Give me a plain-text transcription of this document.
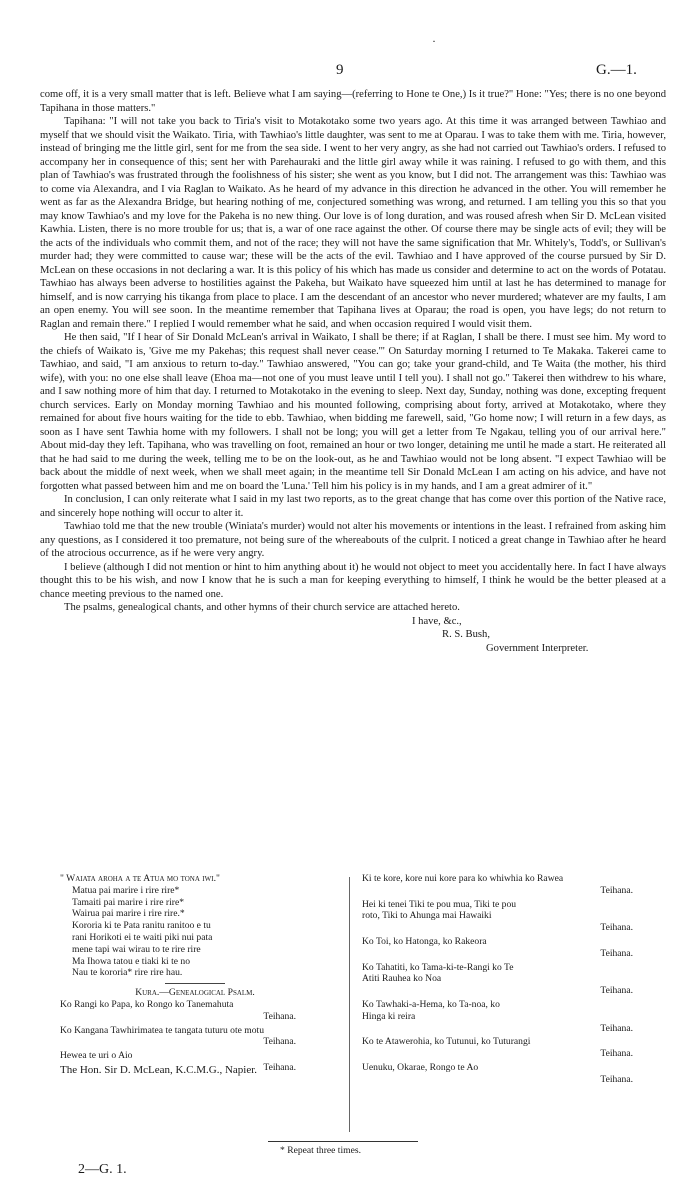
·
9	G.—1.

come off, it is a very small matter that is left. Believe what I am saying—(referring to Hone te One,) Is it true?" Hone: "Yes; there is no one beyond Tapihana in those matters."

Tapihana: "I will not take you back to Tiria's visit to Motakotako some two years ago. At this time it was arranged between Tawhiao and myself that we should visit the Waikato. Tiria, with Tawhiao's little daughter, was sent to me at Oparau. I was to take them with me. Tiria, however, instead of bringing me the little girl, sent for me from the sea side. I went to her very angry, as she had not carried out Tawhiao's orders. I refused to accompany her in consequence of this; sent her with Parehauraki and the little girl away while it was raining. I refused to go with them, and this plan of Tawhiao's was frustrated through the foolishness of his sister; she went as you know, but I did not. The arrangement was this: Tawhiao was to come via Alexandra, and I via Raglan to Waikato. As he heard of my advance in this direction he advanced in the other. You will remember he went as far as the Alexandra Bridge, but hearing nothing of me, conjectured something was wrong, and returned. I am telling you this so that you may know Tawhiao's and my love for the Pakeha is no new thing. Our love is of long duration, and was roused afresh when Sir D. McLean visited Kawhia. Listen, there is no more trouble for us; that is, a war of one race against the other. Of course there may be single acts of evil; they will be the acts of the individuals who commit them, and not of the race; they will not have the same signification that Mr. Whitely's, Todd's, or Sullivan's murder had; they were committed to cause war; these will be the acts of the evil. Tawhiao and I have approved of the course pursued by Sir D. McLean on these occasions in not declaring a war. It is this policy of his which has made us consider and determine to act on the words of Potatau. Tawhiao has always been adverse to hostilities against the Pakeha, but Waikato have squeezed him until at last he has determined to manage for himself, and is now carrying his tikanga from place to place. I am the descendant of an ancestor who never murdered; whatever are my faults, I am an open enemy. You will see soon. In the meantime remember that Tapihana lives at Oparau; the road is open, you have legs; do not return to Raglan and remain there." I replied I would remember what he said, and when occasion required I would visit them.

He then said, "If I hear of Sir Donald McLean's arrival in Waikato, I shall be there; if at Raglan, I shall be there. I must see him. My word to the chiefs of Waikato is, 'Give me my Pakehas; this request shall never cease.'" On Saturday morning I returned to Te Makaka. Takerei came to Tawhiao, and said, "I am anxious to return to-day." Tawhiao answered, "You can go; take your grand-child, and Te Waita (the mother, his third wife), with you: no one else shall leave (Ehoa ma—not one of you must leave until I tell you). I shall not go." Takerei then withdrew to his whare, and I saw nothing more of him that day. I returned to Motakotako in the evening to sleep. Next day, Sunday, nothing was done, excepting frequent church services. Early on Monday morning Tawhiao and his mounted following, comprising about forty, arrived at Motakotako, where they remained for about five hours waiting for the tide to ebb. Tawhiao, when bidding me farewell, said, "Go home now; I will return in a few days, as soon as I have sent Tawhia home with my followers. I shall not be long; you will get a letter from Te Ngakau, telling you of our arrival here." About mid-day they left. Tapihana, who was travelling on foot, remained an hour or two longer, detaining me until he made a start. He reiterated all that he had said to me during the week, telling me to be on the look-out, as he and Tawhiao would not be long absent. "I expect Tawhiao will be back about the middle of next week, when we shall meet again; in the meantime tell Sir Donald McLean I am acting on his advice, and have not forgotten what passed between him and me on board the 'Luna.' Tell him his policy is in my hands, and I am a great admirer of it."

In conclusion, I can only reiterate what I said in my last two reports, as to the great change that has come over this portion of the Native race, and sincerely hope nothing will occur to alter it.

Tawhiao told me that the new trouble (Winiata's murder) would not alter his movements or intentions in the least. I refrained from asking him any questions, as I considered it too premature, not being sure of the whereabouts of the culprit. I noticed a great change in Tawhiao after he heard of the atrocious occurrence, as if he were very angry.

I believe (although I did not mention or hint to him anything about it) he would not object to meet you accidentally here. In fact I have always thought this to be his wish, and now I know that he is such a man for keeping everything to himself, I think he would be the better pleased at a chance meeting previous to the named one.

The psalms, genealogical chants, and other hymns of their church service are attached hereto.

I have, &c.,
R. S. Bush,
Government Interpreter.
The Hon. Sir D. McLean, K.C.M.G., Napier.
" Waiata aroha a te Atua mo tona iwi."
Matua pai marire i rire rire*
Tamaiti pai marire i rire rire*
Wairua pai marire i rire rire.*
Kororia ki te Pata ranitu ranitoo e tu
rani Horikoti ei te waiti piki nui pata
mene tapi wai wirau to te rire rire
Ma Ihowa tatou e tiaki ki te no
Nau te kororia* rire rire hau.
Kura.—Genealogical Psalm.
Ko Rangi ko Papa, ko Rongo ko Tanemahuta
Teihana.
Ko Kangana Tawhirimatea te tangata tuturu ote motu
Teihana.
Hewea te uri o Aio
Teihana.
Ki te kore, kore nui kore para ko whiwhia ko Rawea
Teihana.
Hei ki tenei Tiki te pou mua, Tiki te pou
roto, Tiki to Ahunga mai Hawaiki
Teihana.
Ko Toi, ko Hatonga, ko Rakeora
Teihana.
Ko Tahatiti, ko Tama-ki-te-Rangi ko Te
Atiti Rauhea ko Noa
Teihana.
Ko Tawhaki-a-Hema, ko Ta-noa, ko
Hinga ki reira
Teihana.
Ko te Atawerohia, ko Tutunui, ko Tuturangi
Teihana.
Uenuku, Okarae, Rongo te Ao
Teihana.
* Repeat three times.
2—G. 1.
